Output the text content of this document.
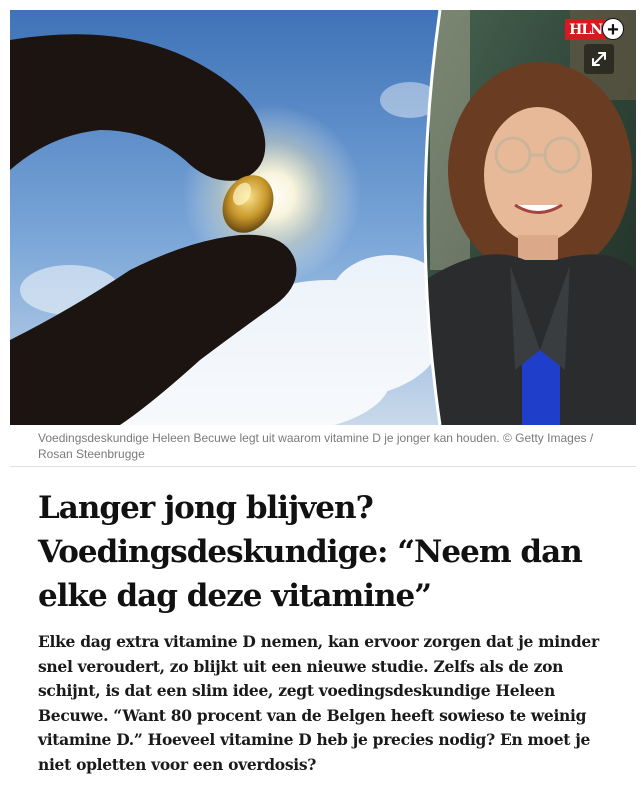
HLN +
Voedingsdeskundige Heleen Becuwe legt uit waarom vitamine D je jonger kan houden. © Getty Images / Rosan Steenbrugge
Langer jong blijven? Voedingsdeskundige: “Neem dan elke dag deze vitamine”

Elke dag extra vitamine D nemen, kan ervoor zorgen dat je minder snel veroudert, zo blijkt uit een nieuwe studie. Zelfs als de zon schijnt, is dat een slim idee, zegt voedingsdeskundige Heleen Becuwe. “Want 80 procent van de Belgen heeft sowieso te weinig vitamine D.” Hoeveel vitamine D heb je precies nodig? En moet je niet opletten voor een overdosis?
